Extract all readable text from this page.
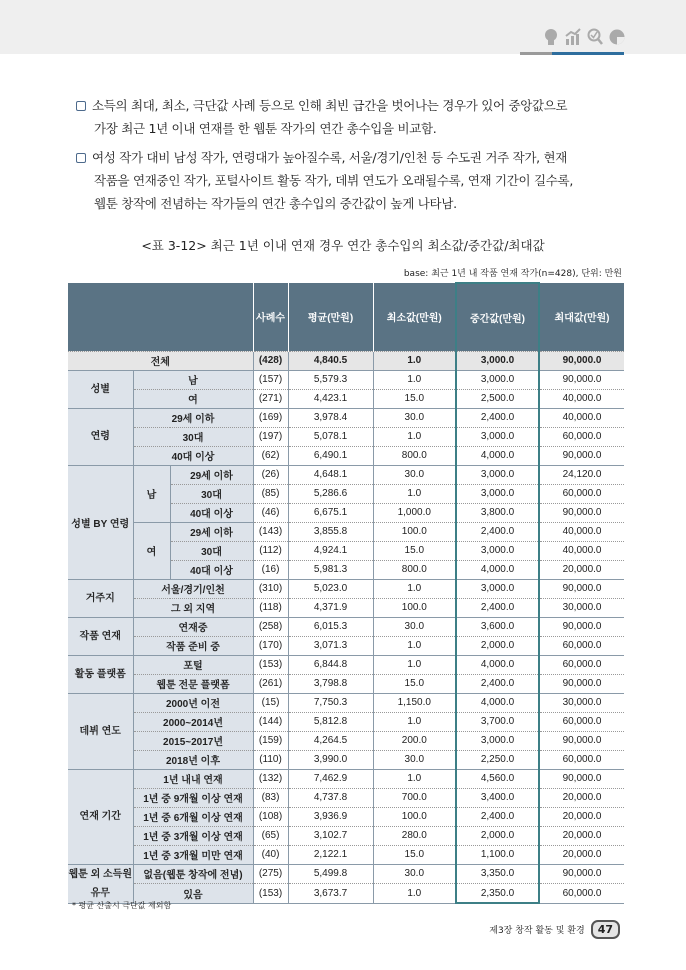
소득의 최대, 최소, 극단값 사례 등으로 인해 최빈 급간을 벗어나는 경우가 있어 중앙값으로
가장 최근 1년 이내 연재를 한 웹툰 작가의 연간 총수입을 비교함.
여성 작가 대비 남성 작가, 연령대가 높아질수록, 서울/경기/인천 등 수도권 거주 작가, 현재
작품을 연재중인 작가, 포털사이트 활동 작가, 데뷔 연도가 오래될수록, 연재 기간이 길수록,
웹툰 창작에 전념하는 작가들의 연간 총수입의 중간값이 높게 나타남.
<표 3-12> 최근 1년 이내 연재 경우 연간 총수입의 최소값/중간값/최대값
base: 최근 1년 내 작품 연재 작가(n=428), 단위: 만원
			사례수	평균(만원)	최소값(만원)	중간값(만원)	최대값(만원)
전체			(428)	4,840.5	1.0	3,000.0	90,000.0
성별	남		(157)	5,579.3	1.0	3,000.0	90,000.0
	여		(271)	4,423.1	15.0	2,500.0	40,000.0
연령	29세 이하		(169)	3,978.4	30.0	2,400.0	40,000.0
	30대		(197)	5,078.1	1.0	3,000.0	60,000.0
	40대 이상		(62)	6,490.1	800.0	4,000.0	90,000.0
성별 BY 연령	남	29세 이하	(26)	4,648.1	30.0	3,000.0	24,120.0
		30대	(85)	5,286.6	1.0	3,000.0	60,000.0
		40대 이상	(46)	6,675.1	1,000.0	3,800.0	90,000.0
	여	29세 이하	(143)	3,855.8	100.0	2,400.0	40,000.0
		30대	(112)	4,924.1	15.0	3,000.0	40,000.0
		40대 이상	(16)	5,981.3	800.0	4,000.0	20,000.0
거주지	서울/경기/인천		(310)	5,023.0	1.0	3,000.0	90,000.0
	그 외 지역		(118)	4,371.9	100.0	2,400.0	30,000.0
작품 연재	연재중		(258)	6,015.3	30.0	3,600.0	90,000.0
	작품 준비 중		(170)	3,071.3	1.0	2,000.0	60,000.0
활동 플랫폼	포털		(153)	6,844.8	1.0	4,000.0	60,000.0
	웹툰 전문 플랫폼		(261)	3,798.8	15.0	2,400.0	90,000.0
데뷔 연도	2000년 이전		(15)	7,750.3	1,150.0	4,000.0	30,000.0
	2000~2014년		(144)	5,812.8	1.0	3,700.0	60,000.0
	2015~2017년		(159)	4,264.5	200.0	3,000.0	90,000.0
	2018년 이후		(110)	3,990.0	30.0	2,250.0	60,000.0
연재 기간	1년 내내 연재		(132)	7,462.9	1.0	4,560.0	90,000.0
	1년 중 9개월 이상 연재		(83)	4,737.8	700.0	3,400.0	20,000.0
	1년 중 6개월 이상 연재		(108)	3,936.9	100.0	2,400.0	20,000.0
	1년 중 3개월 이상 연재		(65)	3,102.7	280.0	2,000.0	20,000.0
	1년 중 3개월 미만 연재		(40)	2,122.1	15.0	1,100.0	20,000.0
웹툰 외 소득원 유무	없음(웹툰 창작에 전념)		(275)	5,499.8	30.0	3,350.0	90,000.0
	있음		(153)	3,673.7	1.0	2,350.0	60,000.0
* 평균 산출시 극단값 제외함
제3장 창작 활동 및 환경	47
